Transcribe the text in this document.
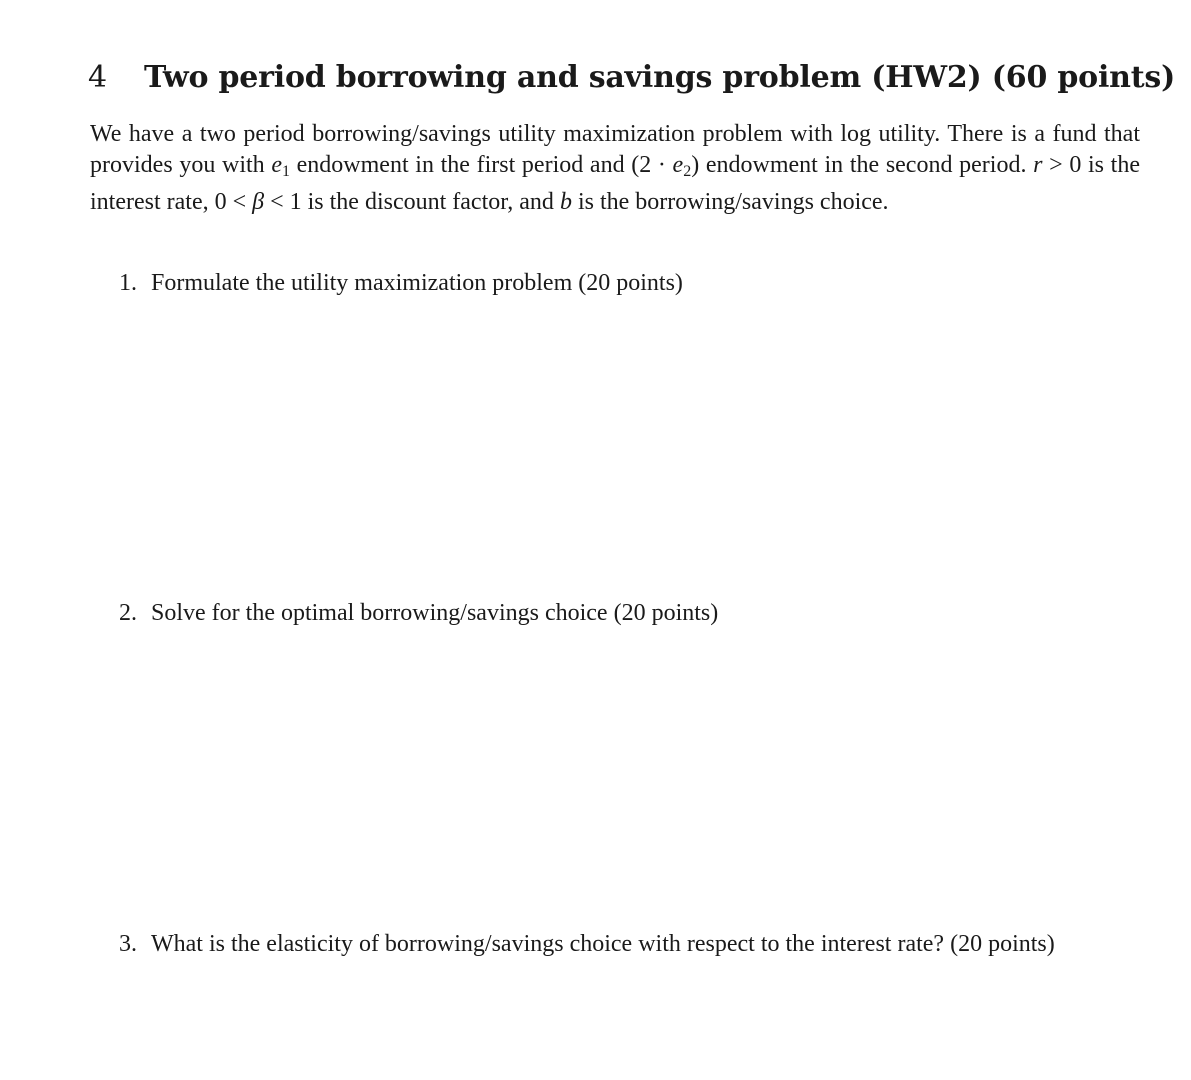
4 Two period borrowing and savings problem (HW2) (60 points)

We have a two period borrowing/savings utility maximization problem with log utility. There is a fund that provides you with $e_1$ endowment in the first period and $(2 \cdot e_2)$ endowment in the second period. r > 0 is the interest rate, 0 < β < 1 is the discount factor, and b is the borrowing/savings choice.

1. Formulate the utility maximization problem (20 points)
2. Solve for the optimal borrowing/savings choice (20 points)
3. What is the elasticity of borrowing/savings choice with respect to the interest rate? (20 points)
